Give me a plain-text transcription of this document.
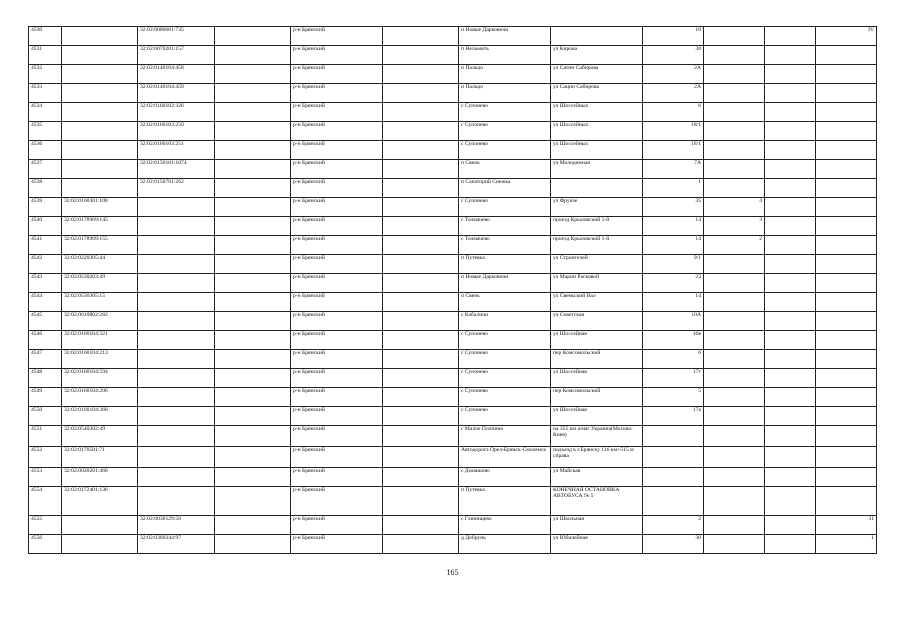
4530		32:02:0080601:735		р-н Брянский		п Новые Дарковичи		10			IV
4531		32:02:0070201:157		р-н Брянский		п Нельмнть	ул Кирова	38			
4532		32:02:0140104:458		р-н Брянский		п Пальцо	ул Сатин Сабирова	2А			
4533		32:02:0140104:459		р-н Брянский		п Пальцо	ул Сацин Сабирова	2А			
4534		32:02:0160102:326		р-н Брянский		с Супонево	ул Шоссейных	6			
4535		32:02:0160103:250		р-н Брянский		с Супонево	ул Шоссейных	18/1			
4536		32:02:0160103:251		р-н Брянский		с Супонево	ул Шоссейных	18/1			
4537		32:02:0150101:1074		р-н Брянский		п Свень	ул Молодежная	7А			
4538		32:02:0150701:262		р-н Брянский		п Санаторий Снежка		1			
4539	32:02:0160301:108			р-н Брянский		с Супонево	ул Фрунзе	35	4		
4540	32:02:0178909:145			р-н Брянский		с Толмачево	проезд Крыловский 1-й	14	3		
4541	32:02:0178909:155			р-н Брянский		с Толмачево	проезд Крыловский 1-й	14	2		
4542	32:02:0220305:44			р-н Брянский		п Путевка	ул Строителей	9/1			
4543	32:02:0530203:49			р-н Брянский		п Новые Дарковичи	ул Марии Расковой	23			
4544	32:02:0530305:15			р-н Брянский		п Свень	ул Свеньский Вал	14			
4545	32:02:0010802:282			р-н Брянский		с Кабаличи	ул Советская	10А			
4546	32:02:0160104:321			р-н Брянский		с Супонево	ул Шоссейная	16в			
4547	32:02:0160104:213			р-н Брянский		с Супонево	пер Комсомольский	6			
4548	32:02:0160104:594			р-н Брянский		с Супонево	ул Шоссейная	17г			
4549	32:02:0160104:206			р-н Брянский		с Супонево	пер Комсомольский	5			
4550	32:02:0160104:368			р-н Брянский		с Супонево	ул Шоссейная	17а			
4551	32:02:0540302:49			р-н Брянский		с Малое Полпино	на 355 км а/маг Украина(Москва-Киев)				
4552	32:02:0170501:71			р-н Брянский		Автодорога Орел-Брянск-Смоленск	подъезд к г.Брянску 116 км+515 м справа				
4553	32:02:0020201:468			р-н Брянский		с Домашово	ул Майская				
4554	32:02:0172401:136			р-н Брянский		п Путевка	КОНЕЧНАЯ ОСТАНОВКА АВТОБУСА № 5				
4555		32:02:0030129:56		р-н Брянский		с Глинищево	ул Школьная	2			31
4556		32:02:0360244:97		р-н Брянский		д Добрунь	ул Юбилейная	30			1
165
